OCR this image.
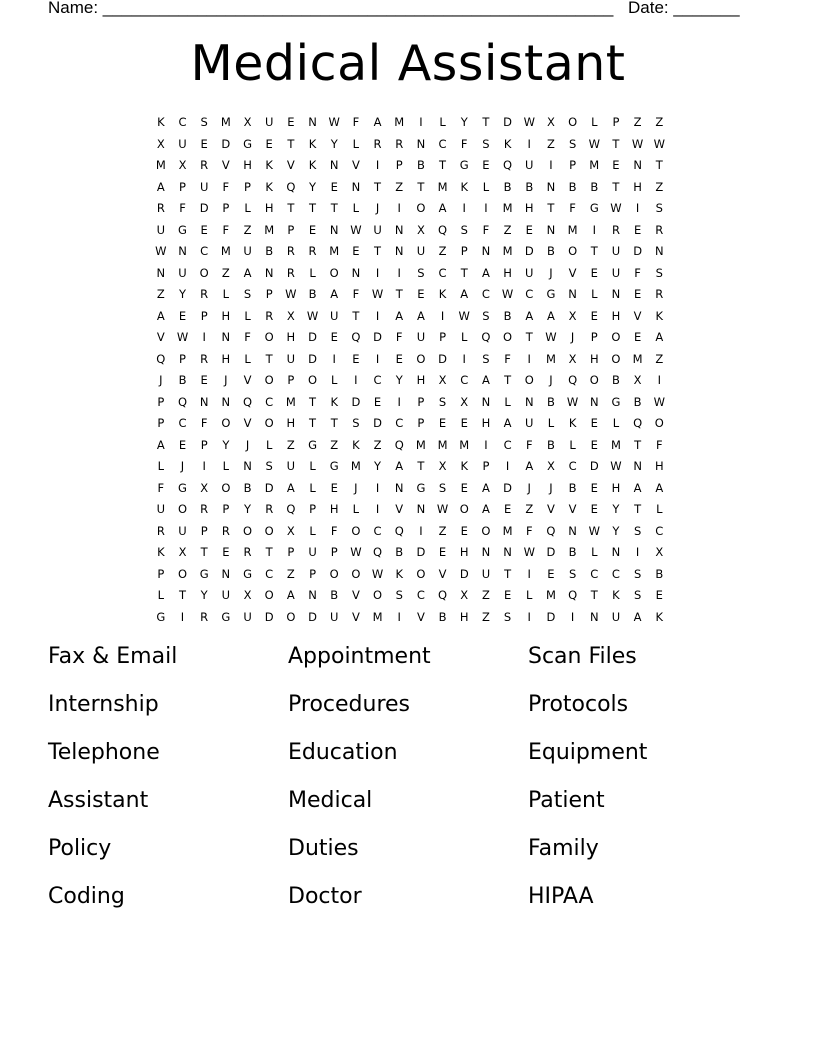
Name: ______________________________________________________ Date: _______
Medical Assistant
K	C	S	M	X	U	E	N	W	F	A	M	I	L	Y	T	D	W	X	O	L	P	Z	Z
X	U	E	D	G	E	T	K	Y	L	R	R	N	C	F	S	K	I	Z	S	W	T	W W
M	X	R	V	H	K	V	K	N	V	I	P	B	T	G	E	Q	U	I	P	M	E	N	T
A	P	U	F	P	K	Q	Y	E	N	T	Z	T	M	K	L	B	B	N	B	B	T	H	Z
R	F	D	P	L	H	T	T	T	L	J	I	O	A	I	I	M	H	T	F	G	W	I	S
U	G	E	F	Z	M	P	E	N	W	U	N	X	Q	S	F	Z	E	N	M	I	R	E	R
W	N	C	M	U	B	R	R	M	E	T	N	U	Z	P	N	M	D	B	O	T	U	D	N
N	U	O	Z	A	N	R	L	O	N	I	I	S	C	T	A	H	U	J	V	E	U	F	S
Z	Y	R	L	S	P	W	B	A	F	W	T	E	K	A	C	W	C	G	N	L	N	E	R
A	E	P	H	L	R	X	W	U	T	I	A	A	I	W	S	B	A	A	X	E	H	V	K
V	W	I	N	F	O	H	D	E	Q	D	F	U	P	L	Q	O	T	W	J	P	O	E	A
Q	P	R	H	L	T	U	D	I	E	I	E	O	D	I	S	F	I	M	X	H	O	M	Z
J	B	E	J	V	O	P	O	L	I	C	Y	H	X	C	A	T	O	J	Q	O	B	X	I
P	Q	N	N	Q	C	M	T	K	D	E	I	P	S	X	N	L	N	B	W	N	G	B	W
P	C	F	O	V	O	H	T	T	S	D	C	P	E	E	H	A	U	L	K	E	L	Q	O
A	E	P	Y	J	L	Z	G	Z	K	Z	Q	M	M	M	I	C	F	B	L	E	M	T	F
L	J	I	L	N	S	U	L	G	M	Y	A	T	X	K	P	I	A	X	C	D	W	N	H
F	G	X	O	B	D	A	L	E	J	I	N	G	S	E	A	D	J	J	B	E	H	A	A
U	O	R	P	Y	R	Q	P	H	L	I	V	N	W O	A	E	Z	V	V	E	Y	T	L
R	U	P	R	O	O	X	L	F	O	C	Q	I	Z	E	O	M	F	Q	N	W	Y	S	C
K	X	T	E	R	T	P	U	P	W Q	B	D	E	H	N	N	W	D	B	L	N	I	X
P	O	G	N	G	C	Z	P	O	O W	K	O	V	D	U	T	I	E	S	C	C	S	B
L	T	Y	U	X	O	A	N	B	V	O	S	C	Q	X	Z	E	L	M	Q	T	K	S	E
G	I	R	G	U	D	O	D	U	V	M	I	V	B	H	Z	S	I	D	I	N	U	A	K
Fax & Email	Appointment	Scan Files
Internship	Procedures	Protocols
Telephone	Education	Equipment
Assistant	Medical	Patient
Policy	Duties	Family
Coding	Doctor	HIPAA
